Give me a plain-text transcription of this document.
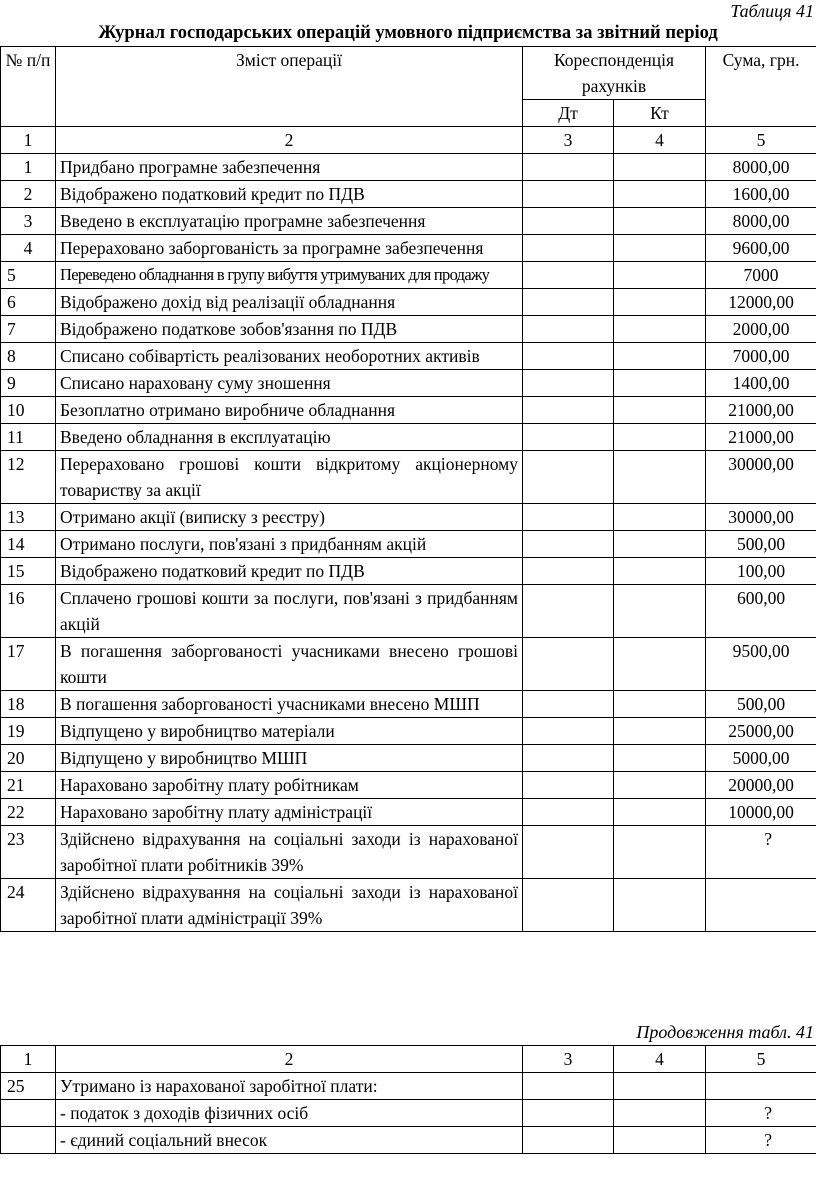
Таблиця 41
Журнал господарських операцій умовного підприємства за звітний період
№ п/п	Зміст операції	Кореспонденція рахунків		Сума, грн.
		Дт	Кт	
1	2	3	4	5
1	Придбано програмне забезпечення			8000,00
2	Відображено податковий кредит по ПДВ			1600,00
3	Введено в експлуатацію програмне забезпечення			8000,00
4	Перераховано заборгованість за програмне забезпечення			9600,00
5	Переведено обладнання в групу вибуття утримуваних для продажу			7000
6	Відображено дохід від реалізації обладнання			12000,00
7	Відображено податкове зобов'язання по ПДВ			2000,00
8	Списано собівартість реалізованих необоротних активів			7000,00
9	Списано нараховану суму зношення			1400,00
10	Безоплатно отримано виробниче обладнання			21000,00
11	Введено обладнання в експлуатацію			21000,00
12	Перераховано грошові кошти відкритому акціонерному товариству за акції			30000,00
13	Отримано акції (виписку з реєстру)			30000,00
14	Отримано послуги, пов'язані з придбанням акцій			500,00
15	Відображено податковий кредит по ПДВ			100,00
16	Сплачено грошові кошти за послуги, пов'язані з придбанням акцій			600,00
17	В погашення заборгованості учасниками внесено грошові кошти			9500,00
18	В погашення заборгованості учасниками внесено МШП			500,00
19	Відпущено у виробництво матеріали			25000,00
20	Відпущено у виробництво МШП			5000,00
21	Нараховано заробітну плату робітникам			20000,00
22	Нараховано заробітну плату адміністрації			10000,00
23	Здійснено відрахування на соціальні заходи із нарахованої заробітної плати робітників 39%			?
24	Здійснено відрахування на соціальні заходи із нарахованої заробітної плати адміністрації 39%			
Продовження табл. 41
1	2	3	4	5
25	Утримано із нарахованої заробітної плати:			
	- податок з доходів фізичних осіб			?
	- єдиний соціальний внесок			?
